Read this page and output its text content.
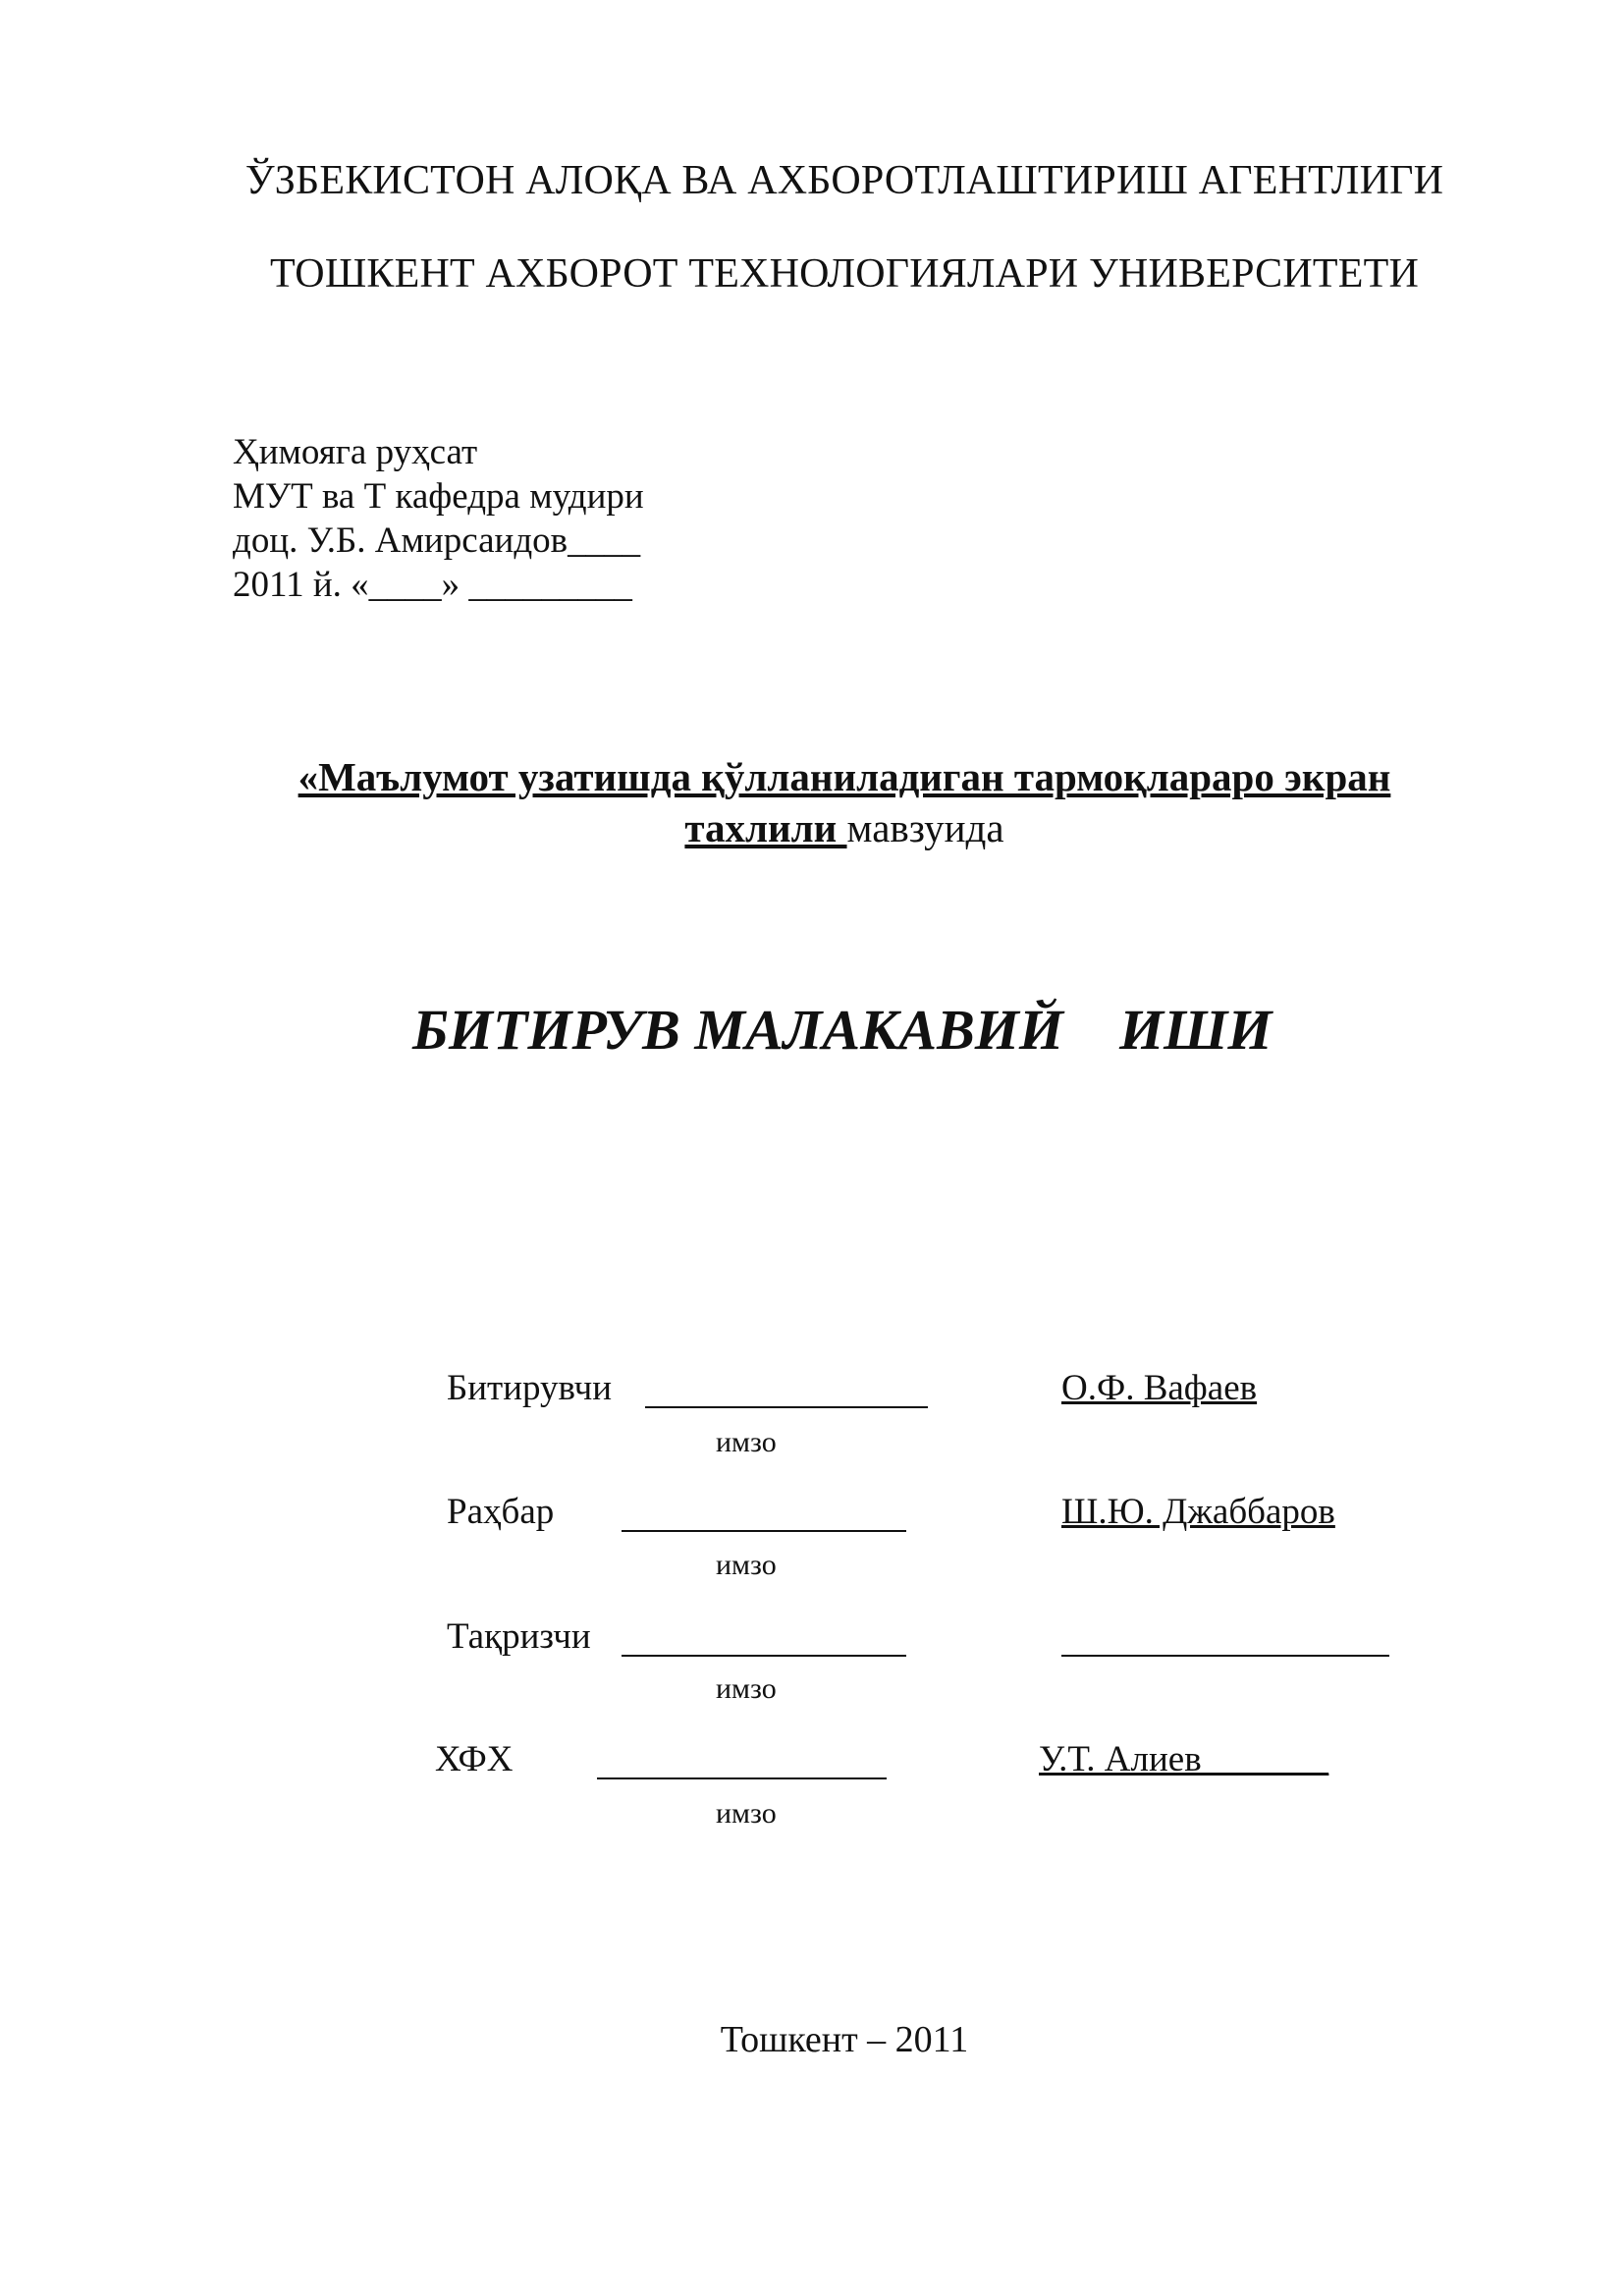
ЎЗБЕКИСТОН АЛОҚА ВА АХБОРОТЛАШТИРИШ АГЕНТЛИГИ
ТОШКЕНТ АХБОРОТ ТЕХНОЛОГИЯЛАРИ УНИВЕРСИТЕТИ
Ҳимояга руҳсат
МУТ ва Т кафедра мудири
доц. У.Б. Амирсаидов____
2011 й. «____» _________
«Маълумот узатишда қўлланиладиган тармоқлараро экран
тахлили мавзуида
БИТИРУВ МАЛАКАВИЙ ИШИ
Битирувчи	О.Ф. Вафаев
имзо
Раҳбар	Ш.Ю. Джаббаров
имзо
Тақризчи
имзо
ХФХ	У.Т. Алиев_______
имзо
Тошкент – 2011
